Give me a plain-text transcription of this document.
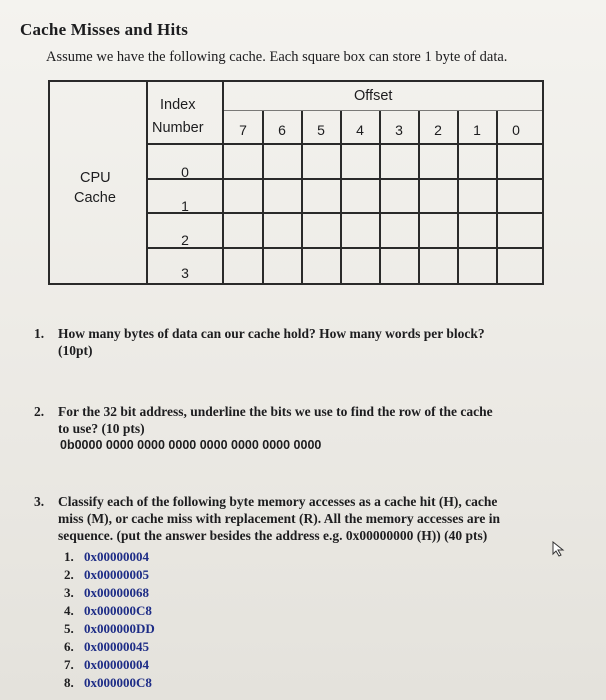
Cache Misses and Hits
Assume we have the following cache. Each square box can store 1 byte of data.
CPU
Cache
Index
Number
Offset
7	6	5	4	3	2	1	0
0
1
2
3
1. How many bytes of data can our cache hold? How many words per block?
(10pt)
2. For the 32 bit address, underline the bits we use to find the row of the cache
to use? (10 pts)
0b0000 0000 0000 0000 0000 0000 0000 0000
3. Classify each of the following byte memory accesses as a cache hit (H), cache
miss (M), or cache miss with replacement (R). All the memory accesses are in
sequence. (put the answer besides the address e.g. 0x00000000 (H)) (40 pts)
1. 0x00000004
2. 0x00000005
3. 0x00000068
4. 0x000000C8
5. 0x000000DD
6. 0x00000045
7. 0x00000004
8. 0x000000C8
